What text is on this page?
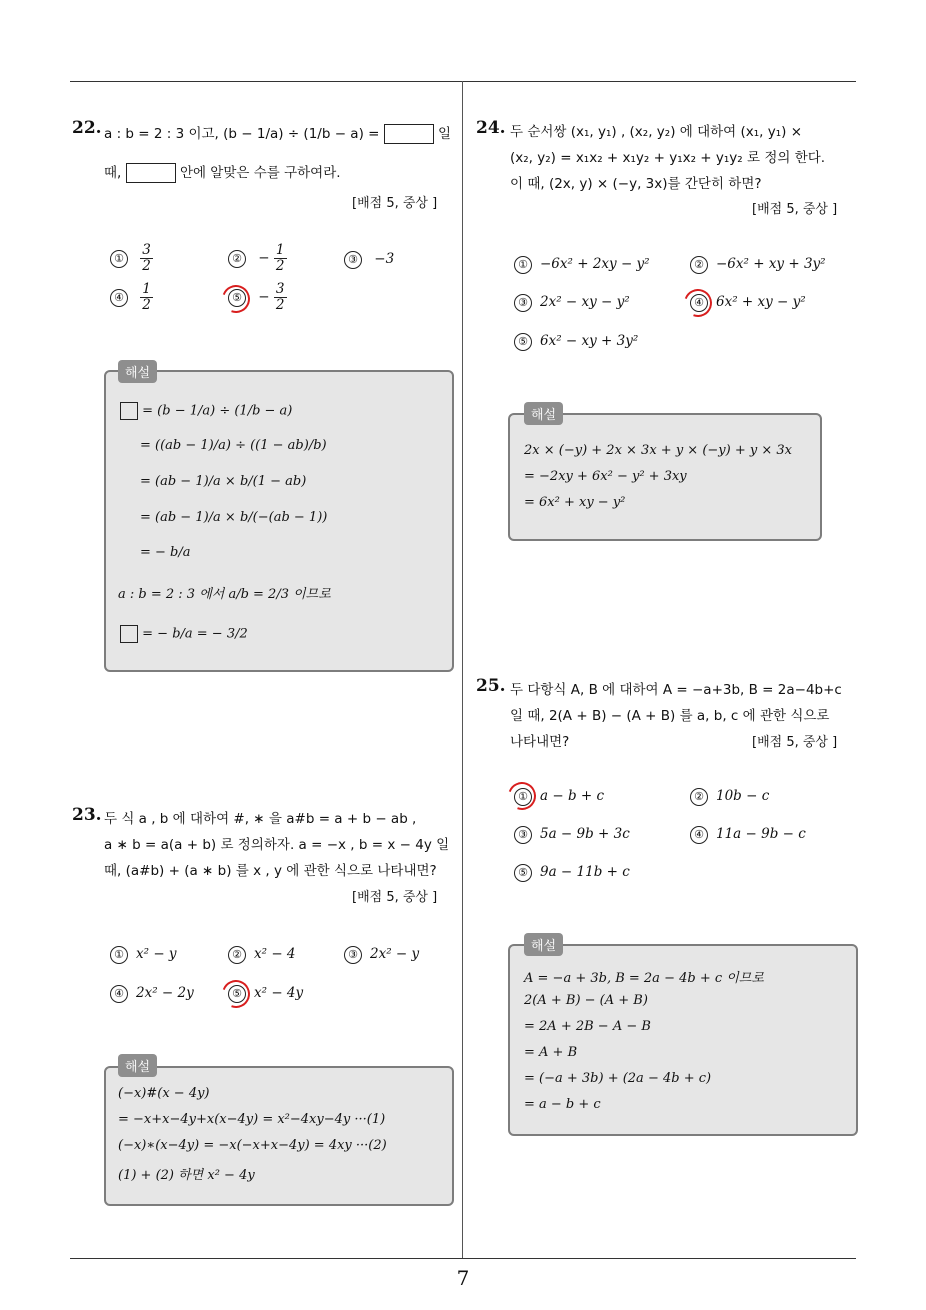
7
22. a : b = 2 : 3 이고, (b − 1/a) ÷ (1/b − a) =	일
때,	안에 알맞은 수를 구하여라.
[배점 5, 중상 ]
① $\frac{3}{2}$	② − $\frac{1}{2}$	③ −3
④ $\frac{1}{2}$	⑤ − $\frac{3}{2}$
해설
= (b − 1/a) ÷ (1/b − a)
= ((ab − 1)/a) ÷ ((1 − ab)/b)
= (ab − 1)/a × b/(1 − ab)
= (ab − 1)/a × b/(−(ab − 1))
= − b/a
a : b = 2 : 3 에서 a/b = 2/3 이므로
= − b/a = − 3/2
23. 두 식 a , b 에 대하여 #, ∗ 을 a#b = a + b − ab ,
a ∗ b = a(a + b) 로 정의하자. a = −x , b = x − 4y 일
때, (a#b) + (a ∗ b) 를 x , y 에 관한 식으로 나타내면?
[배점 5, 중상 ]
① x² − y	② x² − 4	③ 2x² − y
④ 2x² − 2y	⑤ x² − 4y
해설
(−x)#(x − 4y)
= −x+x−4y+x(x−4y) = x²−4xy−4y ···(1)
(−x)∗(x−4y) = −x(−x+x−4y) = 4xy ···(2)
(1) + (2) 하면 x² − 4y
24. 두 순서쌍 (x₁, y₁) , (x₂, y₂) 에 대하여 (x₁, y₁) ×
(x₂, y₂) = x₁x₂ + x₁y₂ + y₁x₂ + y₁y₂ 로 정의 한다.
이 때, (2x, y) × (−y, 3x)를 간단히 하면?
[배점 5, 중상 ]
① −6x² + 2xy − y²	② −6x² + xy + 3y²
③ 2x² − xy − y²	④ 6x² + xy − y²
⑤ 6x² − xy + 3y²
해설
2x × (−y) + 2x × 3x + y × (−y) + y × 3x
= −2xy + 6x² − y² + 3xy
= 6x² + xy − y²
25. 두 다항식 A, B 에 대하여 A = −a+3b, B = 2a−4b+c
일 때, 2(A + B) − (A + B) 를 a, b, c 에 관한 식으로
나타내면?	[배점 5, 중상 ]
① a − b + c	② 10b − c
③ 5a − 9b + 3c	④ 11a − 9b − c
⑤ 9a − 11b + c
해설
A = −a + 3b, B = 2a − 4b + c 이므로
2(A + B) − (A + B)
= 2A + 2B − A − B
= A + B
= (−a + 3b) + (2a − 4b + c)
= a − b + c
